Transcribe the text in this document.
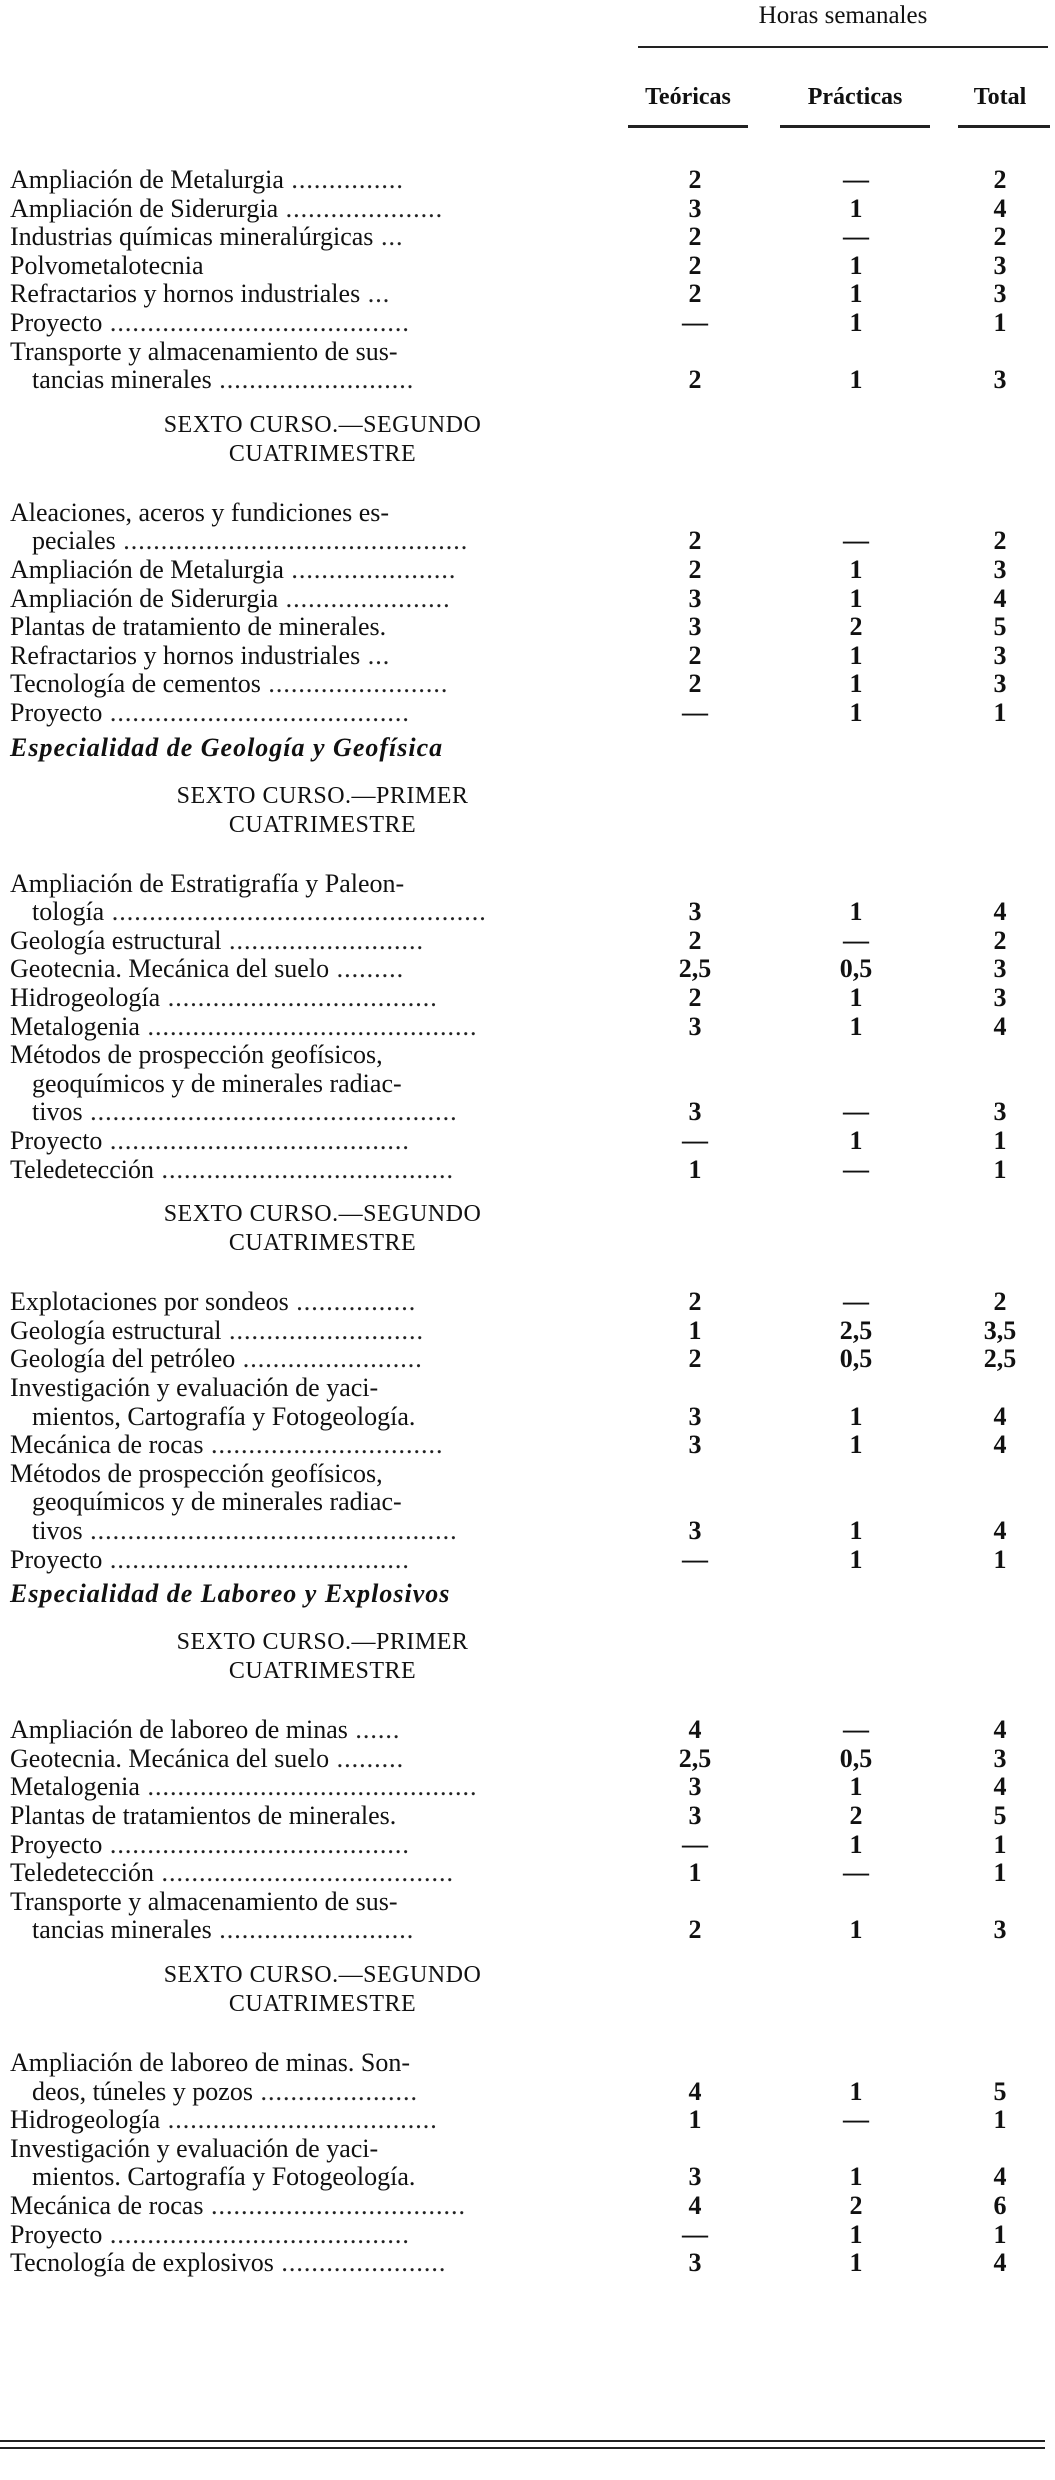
Horas semanales
Teóricas	Prácticas	Total
Ampliación de Metalurgia ...............	2	—	2
Ampliación de Siderurgia .....................	3	1	4
Industrias químicas mineralúrgicas ...	2	—	2
Polvometalotecnia	2	1	3
Refractarios y hornos industriales ...	2	1	3
Proyecto ........................................	—	1	1
Transporte y almacenamiento de sus-
tancias minerales ..........................	2	1	3
SEXTO CURSO.—SEGUNDO
CUATRIMESTRE
Aleaciones, aceros y fundiciones es-
peciales ..............................................	2	—	2
Ampliación de Metalurgia ......................	2	1	3
Ampliación de Siderurgia ......................	3	1	4
Plantas de tratamiento de minerales.	3	2	5
Refractarios y hornos industriales ...	2	1	3
Tecnología de cementos ........................	2	1	3
Proyecto ........................................	—	1	1
Especialidad de Geología y Geofísica
SEXTO CURSO.—PRIMER
CUATRIMESTRE
Ampliación de Estratigrafía y Paleon-
tología ..................................................	3	1	4
Geología estructural ..........................	2	—	2
Geotecnia. Mecánica del suelo .........	2,5	0,5	3
Hidrogeología ....................................	2	1	3
Metalogenia ............................................	3	1	4
Métodos de prospección geofísicos,
geoquímicos y de minerales radiac-
tivos .................................................	3	—	3
Proyecto ........................................	—	1	1
Teledetección .......................................	1	—	1
SEXTO CURSO.—SEGUNDO
CUATRIMESTRE
Explotaciones por sondeos ................	2	—	2
Geología estructural ..........................	1	2,5	3,5
Geología del petróleo ........................	2	0,5	2,5
Investigación y evaluación de yaci-
mientos, Cartografía y Fotogeología.	3	1	4
Mecánica de rocas ...............................	3	1	4
Métodos de prospección geofísicos,
geoquímicos y de minerales radiac-
tivos .................................................	3	1	4
Proyecto ........................................	—	1	1
Especialidad de Laboreo y Explosivos
SEXTO CURSO.—PRIMER
CUATRIMESTRE
Ampliación de laboreo de minas ......	4	—	4
Geotecnia. Mecánica del suelo .........	2,5	0,5	3
Metalogenia ............................................	3	1	4
Plantas de tratamientos de minerales.	3	2	5
Proyecto ........................................	—	1	1
Teledetección .......................................	1	—	1
Transporte y almacenamiento de sus-
tancias minerales ..........................	2	1	3
SEXTO CURSO.—SEGUNDO
CUATRIMESTRE
Ampliación de laboreo de minas. Son-
deos, túneles y pozos .....................	4	1	5
Hidrogeología ....................................	1	—	1
Investigación y evaluación de yaci-
mientos. Cartografía y Fotogeología.	3	1	4
Mecánica de rocas ..................................	4	2	6
Proyecto ........................................	—	1	1
Tecnología de explosivos ......................	3	1	4
